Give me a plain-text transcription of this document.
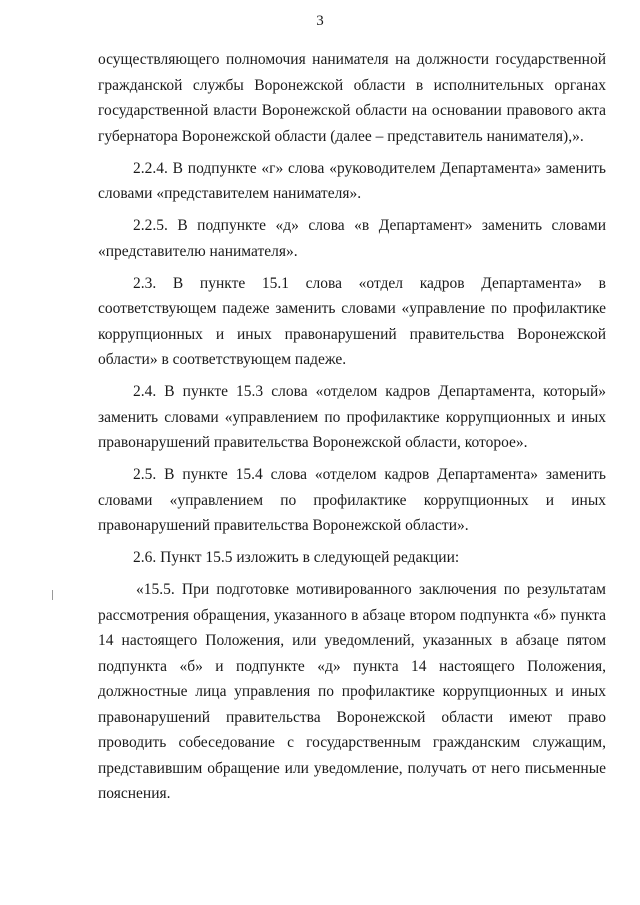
3

осуществляющего полномочия нанимателя на должности государственной гражданской службы Воронежской области в исполнительных органах государственной власти Воронежской области на основании правового акта губернатора Воронежской области (далее – представитель нанимателя),».

2.2.4. В подпункте «г» слова «руководителем Департамента» заменить словами «представителем нанимателя».

2.2.5. В подпункте «д» слова «в Департамент» заменить словами «представителю нанимателя».

2.3. В пункте 15.1 слова «отдел кадров Департамента» в соответствующем падеже заменить словами «управление по профилактике коррупционных и иных правонарушений правительства Воронежской области» в соответствующем падеже.

2.4. В пункте 15.3 слова «отделом кадров Департамента, который» заменить словами «управлением по профилактике коррупционных и иных правонарушений правительства Воронежской области, которое».

2.5. В пункте 15.4 слова «отделом кадров Департамента» заменить словами «управлением по профилактике коррупционных и иных правонарушений правительства Воронежской области».

2.6. Пункт 15.5 изложить в следующей редакции:

«15.5. При подготовке мотивированного заключения по результатам рассмотрения обращения, указанного в абзаце втором подпункта «б» пункта 14 настоящего Положения, или уведомлений, указанных в абзаце пятом подпункта «б» и подпункте «д» пункта 14 настоящего Положения, должностные лица управления по профилактике коррупционных и иных правонарушений правительства Воронежской области имеют право проводить собеседование с государственным гражданским служащим, представившим обращение или уведомление, получать от него письменные пояснения.
